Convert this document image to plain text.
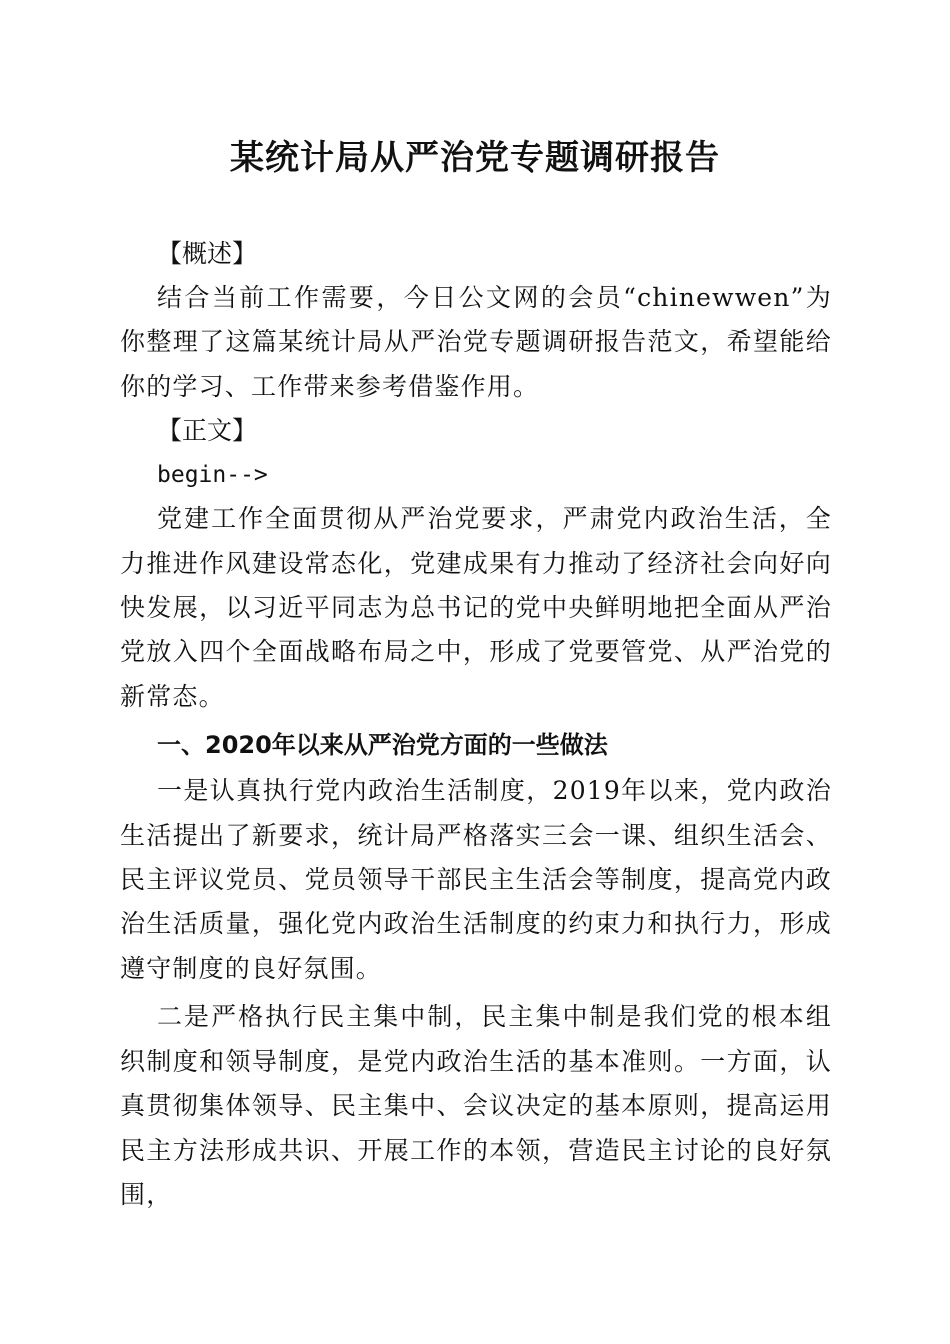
某统计局从严治党专题调研报告

【概述】

结合当前工作需要，今日公文网的会员“chinewwen”为你整理了这篇某统计局从严治党专题调研报告范文，希望能给你的学习、工作带来参考借鉴作用。

【正文】

begin-->

党建工作全面贯彻从严治党要求，严肃党内政治生活，全力推进作风建设常态化，党建成果有力推动了经济社会向好向快发展，以习近平同志为总书记的党中央鲜明地把全面从严治党放入四个全面战略布局之中，形成了党要管党、从严治党的新常态。

一、2020年以来从严治党方面的一些做法

一是认真执行党内政治生活制度，2019年以来，党内政治生活提出了新要求，统计局严格落实三会一课、组织生活会、民主评议党员、党员领导干部民主生活会等制度，提高党内政治生活质量，强化党内政治生活制度的约束力和执行力，形成遵守制度的良好氛围。

二是严格执行民主集中制，民主集中制是我们党的根本组织制度和领导制度，是党内政治生活的基本准则。一方面，认真贯彻集体领导、民主集中、会议决定的基本原则，提高运用民主方法形成共识、开展工作的本领，营造民主讨论的良好氛围，
